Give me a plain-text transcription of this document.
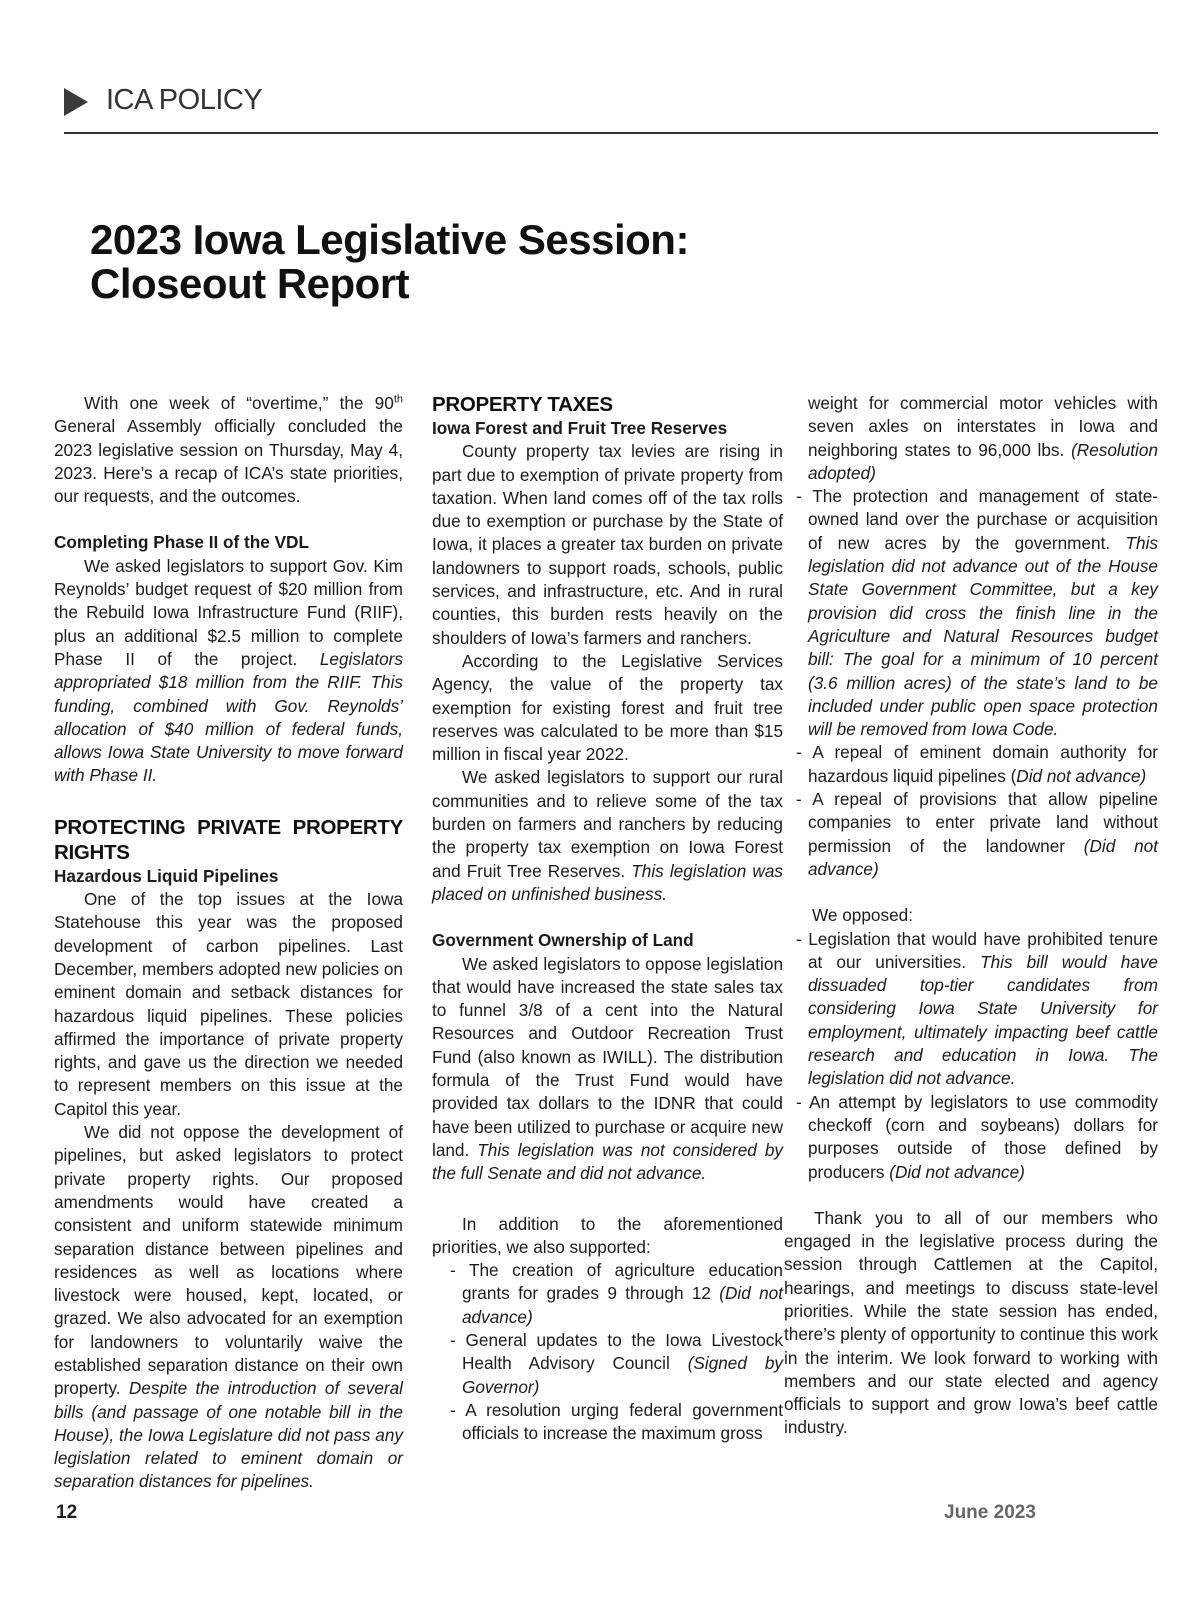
ICA POLICY
2023 Iowa Legislative Session:
Closeout Report

With one week of “overtime,” the 90th General Assembly officially concluded the 2023 legislative session on Thursday, May 4, 2023. Here’s a recap of ICA’s state priorities, our requests, and the outcomes.

Completing Phase II of the VDL

We asked legislators to support Gov. Kim Reynolds’ budget request of $20 million from the Rebuild Iowa Infrastructure Fund (RIIF), plus an additional $2.5 million to complete Phase II of the project. Legislators appropriated $18 million from the RIIF. This funding, combined with Gov. Reynolds’ allocation of $40 million of federal funds, allows Iowa State University to move forward with Phase II.

PROTECTING PRIVATE PROPERTY RIGHTS
Hazardous Liquid Pipelines

One of the top issues at the Iowa Statehouse this year was the proposed development of carbon pipelines. Last December, members adopted new policies on eminent domain and setback distances for hazardous liquid pipelines. These policies affirmed the importance of private property rights, and gave us the direction we needed to represent members on this issue at the Capitol this year.

We did not oppose the development of pipelines, but asked legislators to protect private property rights. Our proposed amendments would have created a consistent and uniform statewide minimum separation distance between pipelines and residences as well as locations where livestock were housed, kept, located, or grazed. We also advocated for an exemption for landowners to voluntarily waive the established separation distance on their own property. Despite the introduction of several bills (and passage of one notable bill in the House), the Iowa Legislature did not pass any legislation related to eminent domain or separation distances for pipelines.

PROPERTY TAXES
Iowa Forest and Fruit Tree Reserves

County property tax levies are rising in part due to exemption of private property from taxation. When land comes off of the tax rolls due to exemption or purchase by the State of Iowa, it places a greater tax burden on private landowners to support roads, schools, public services, and infrastructure, etc. And in rural counties, this burden rests heavily on the shoulders of Iowa’s farmers and ranchers.

According to the Legislative Services Agency, the value of the property tax exemption for existing forest and fruit tree reserves was calculated to be more than $15 million in fiscal year 2022.

We asked legislators to support our rural communities and to relieve some of the tax burden on farmers and ranchers by reducing the property tax exemption on Iowa Forest and Fruit Tree Reserves. This legislation was placed on unfinished business.

Government Ownership of Land

We asked legislators to oppose legislation that would have increased the state sales tax to funnel 3/8 of a cent into the Natural Resources and Outdoor Recreation Trust Fund (also known as IWILL). The distribution formula of the Trust Fund would have provided tax dollars to the IDNR that could have been utilized to purchase or acquire new land. This legislation was not considered by the full Senate and did not advance.

In addition to the aforementioned priorities, we also supported:

- The creation of agriculture education grants for grades 9 through 12 (Did not advance)
- General updates to the Iowa Livestock Health Advisory Council (Signed by Governor)
- A resolution urging federal government officials to increase the maximum gross
weight for commercial motor vehicles with seven axles on interstates in Iowa and neighboring states to 96,000 lbs. (Resolution adopted)
- The protection and management of state-owned land over the purchase or acquisition of new acres by the government. This legislation did not advance out of the House State Government Committee, but a key provision did cross the finish line in the Agriculture and Natural Resources budget bill: The goal for a minimum of 10 percent (3.6 million acres) of the state’s land to be included under public open space protection will be removed from Iowa Code.
- A repeal of eminent domain authority for hazardous liquid pipelines (Did not advance)
- A repeal of provisions that allow pipeline companies to enter private land without permission of the landowner (Did not advance)

We opposed:

- Legislation that would have prohibited tenure at our universities. This bill would have dissuaded top-tier candidates from considering Iowa State University for employment, ultimately impacting beef cattle research and education in Iowa. The legislation did not advance.
- An attempt by legislators to use commodity checkoff (corn and soybeans) dollars for purposes outside of those defined by producers (Did not advance)

Thank you to all of our members who engaged in the legislative process during the session through Cattlemen at the Capitol, hearings, and meetings to discuss state-level priorities. While the state session has ended, there’s plenty of opportunity to continue this work in the interim. We look forward to working with members and our state elected and agency officials to support and grow Iowa’s beef cattle industry.

12	June 2023
